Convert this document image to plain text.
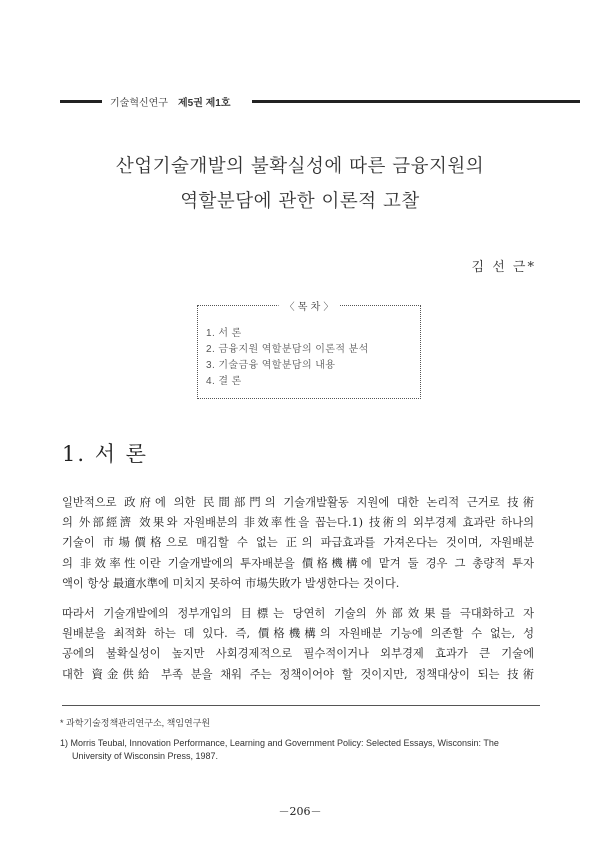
기술혁신연구 제5권 제1호
산업기술개발의 불확실성에 따른 금융지원의
역할분담에 관한 이론적 고찰
김 선 근*
〈 목 차 〉
1. 서 론
2. 금융지원 역할분담의 이론적 분석
3. 기술금융 역할분담의 내용
4. 결 론
1. 서 론
일반적으로 政府에 의한 民間部門의 기술개발활동 지원에 대한 논리적 근거로 技術
의 外部經濟 效果와 자원배분의 非效率性을 꼽는다.1) 技術의 외부경제 효과란 하나의
기술이 市場價格으로 매김할 수 없는 正의 파급효과를 가져온다는 것이며, 자원배분
의 非效率性이란 기술개발에의 투자배분을 價格機構에 맡겨 둘 경우 그 총량적 투자
액이 항상 最適水準에 미치지 못하여 市場失敗가 발생한다는 것이다.
따라서 기술개발에의 정부개입의 目標는 당연히 기술의 外部效果를 극대화하고 자
원배분을 최적화 하는 데 있다. 즉, 價格機構의 자원배분 기능에 의존할 수 없는, 성
공에의 불확실성이 높지만 사회경제적으로 필수적이거나 외부경제 효과가 큰 기술에
대한 資金供給 부족 분을 채워 주는 정책이어야 할 것이지만, 정책대상이 되는 技術

* 과학기술정책관리연구소, 책임연구원

1) Morris Teubal, Innovation Performance, Learning and Government Policy: Selected Essays, Wisconsin: The
University of Wisconsin Press, 1987.

－206－
